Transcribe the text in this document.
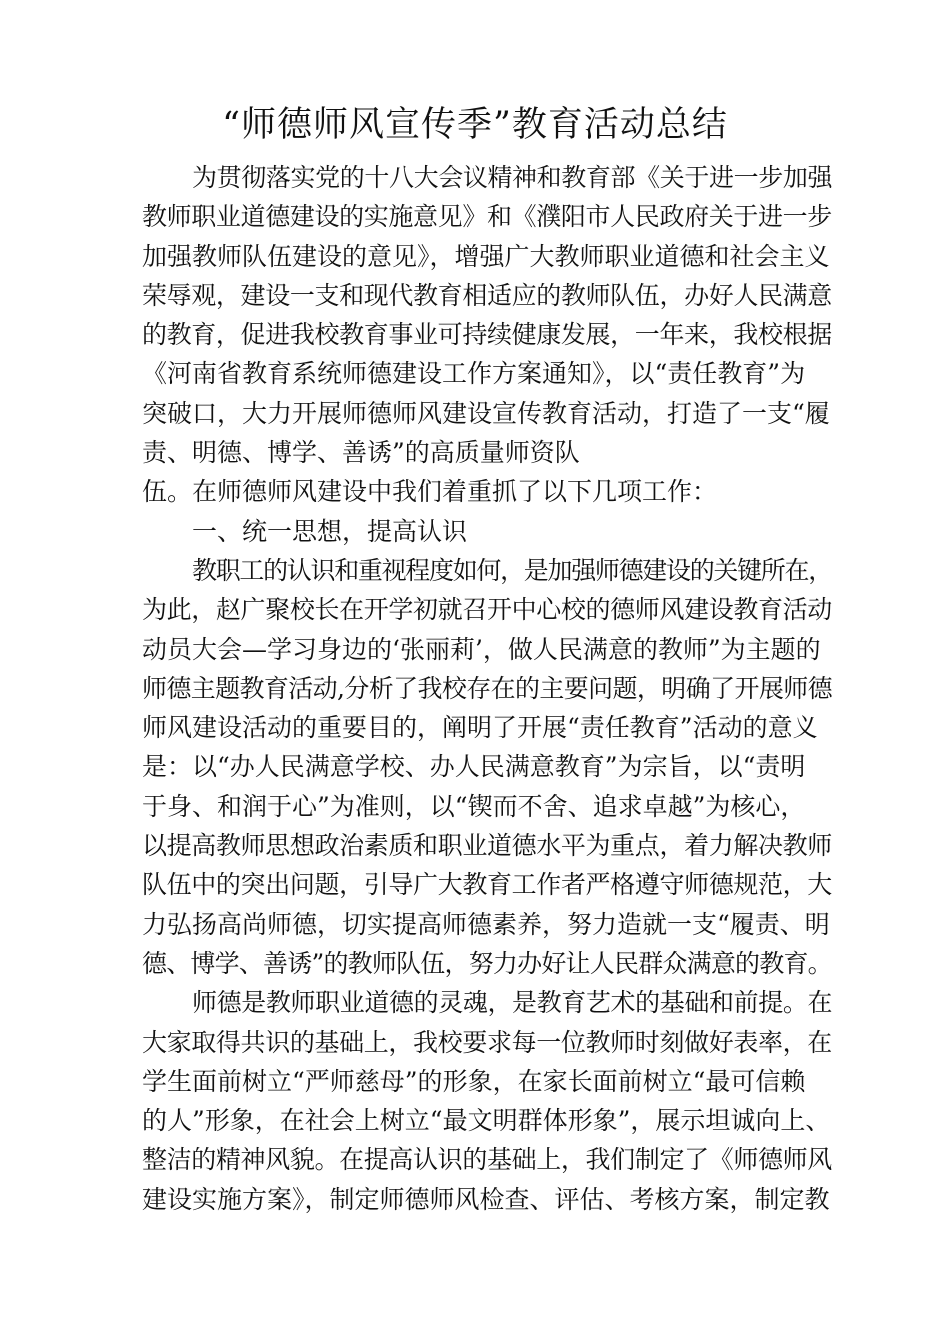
“师德师风宣传季”教育活动总结
为贯彻落实党的十八大会议精神和教育部《关于进一步加强
教师职业道德建设的实施意见》和《濮阳市人民政府关于进一步
加强教师队伍建设的意见》，增强广大教师职业道德和社会主义
荣辱观，建设一支和现代教育相适应的教师队伍，办好人民满意
的教育，促进我校教育事业可持续健康发展，一年来，我校根据
《河南省教育系统师德建设工作方案通知》，以“责任教育”为
突破口，大力开展师德师风建设宣传教育活动，打造了一支“履
责、明德、博学、善诱”的高质量师资队
伍。在师德师风建设中我们着重抓了以下几项工作：
一、统一思想，提高认识
教职工的认识和重视程度如何，是加强师德建设的关键所在，
为此，赵广聚校长在开学初就召开中心校的德师风建设教育活动
动员大会—学习身边的‘张丽莉’，做人民满意的教师”为主题的
师德主题教育活动,分析了我校存在的主要问题，明确了开展师德
师风建设活动的重要目的，阐明了开展“责任教育”活动的意义
是：以“办人民满意学校、办人民满意教育”为宗旨，以“责明
于身、和润于心”为准则，以“锲而不舍、追求卓越”为核心，
以提高教师思想政治素质和职业道德水平为重点，着力解决教师
队伍中的突出问题，引导广大教育工作者严格遵守师德规范，大
力弘扬高尚师德，切实提高师德素养，努力造就一支“履责、明
德、博学、善诱”的教师队伍，努力办好让人民群众满意的教育。
师德是教师职业道德的灵魂，是教育艺术的基础和前提。在
大家取得共识的基础上，我校要求每一位教师时刻做好表率，在
学生面前树立“严师慈母”的形象，在家长面前树立“最可信赖
的人”形象，在社会上树立“最文明群体形象”，展示坦诚向上、
整洁的精神风貌。在提高认识的基础上，我们制定了《师德师风
建设实施方案》，制定师德师风检查、评估、考核方案，制定教
